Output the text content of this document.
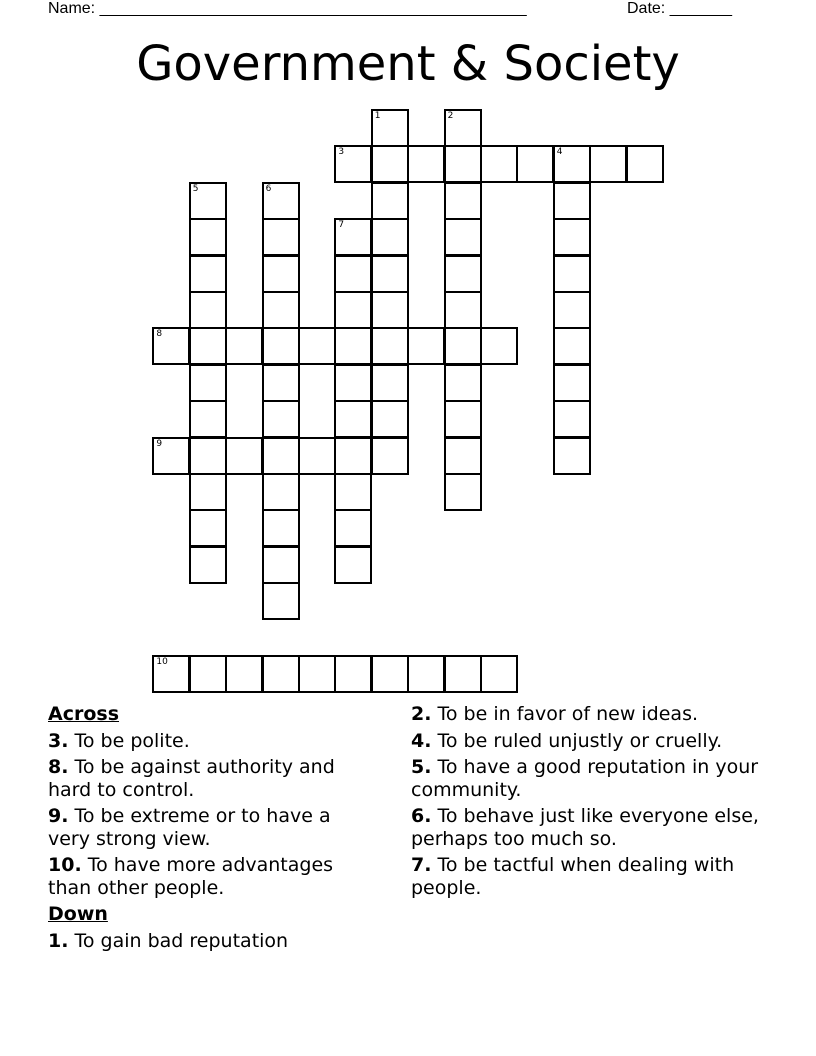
Name: ________________________________________________	Date: _______
Government & Society
1	2
3	4
5	6
7
8
9
10
Across
3. To be polite.
8. To be against authority and hard to control.
9. To be extreme or to have a very strong view.
10. To have more advantages than other people.
Down
1. To gain bad reputation
2. To be in favor of new ideas.
4. To be ruled unjustly or cruelly.
5. To have a good reputation in your community.
6. To behave just like everyone else, perhaps too much so.
7. To be tactful when dealing with people.
